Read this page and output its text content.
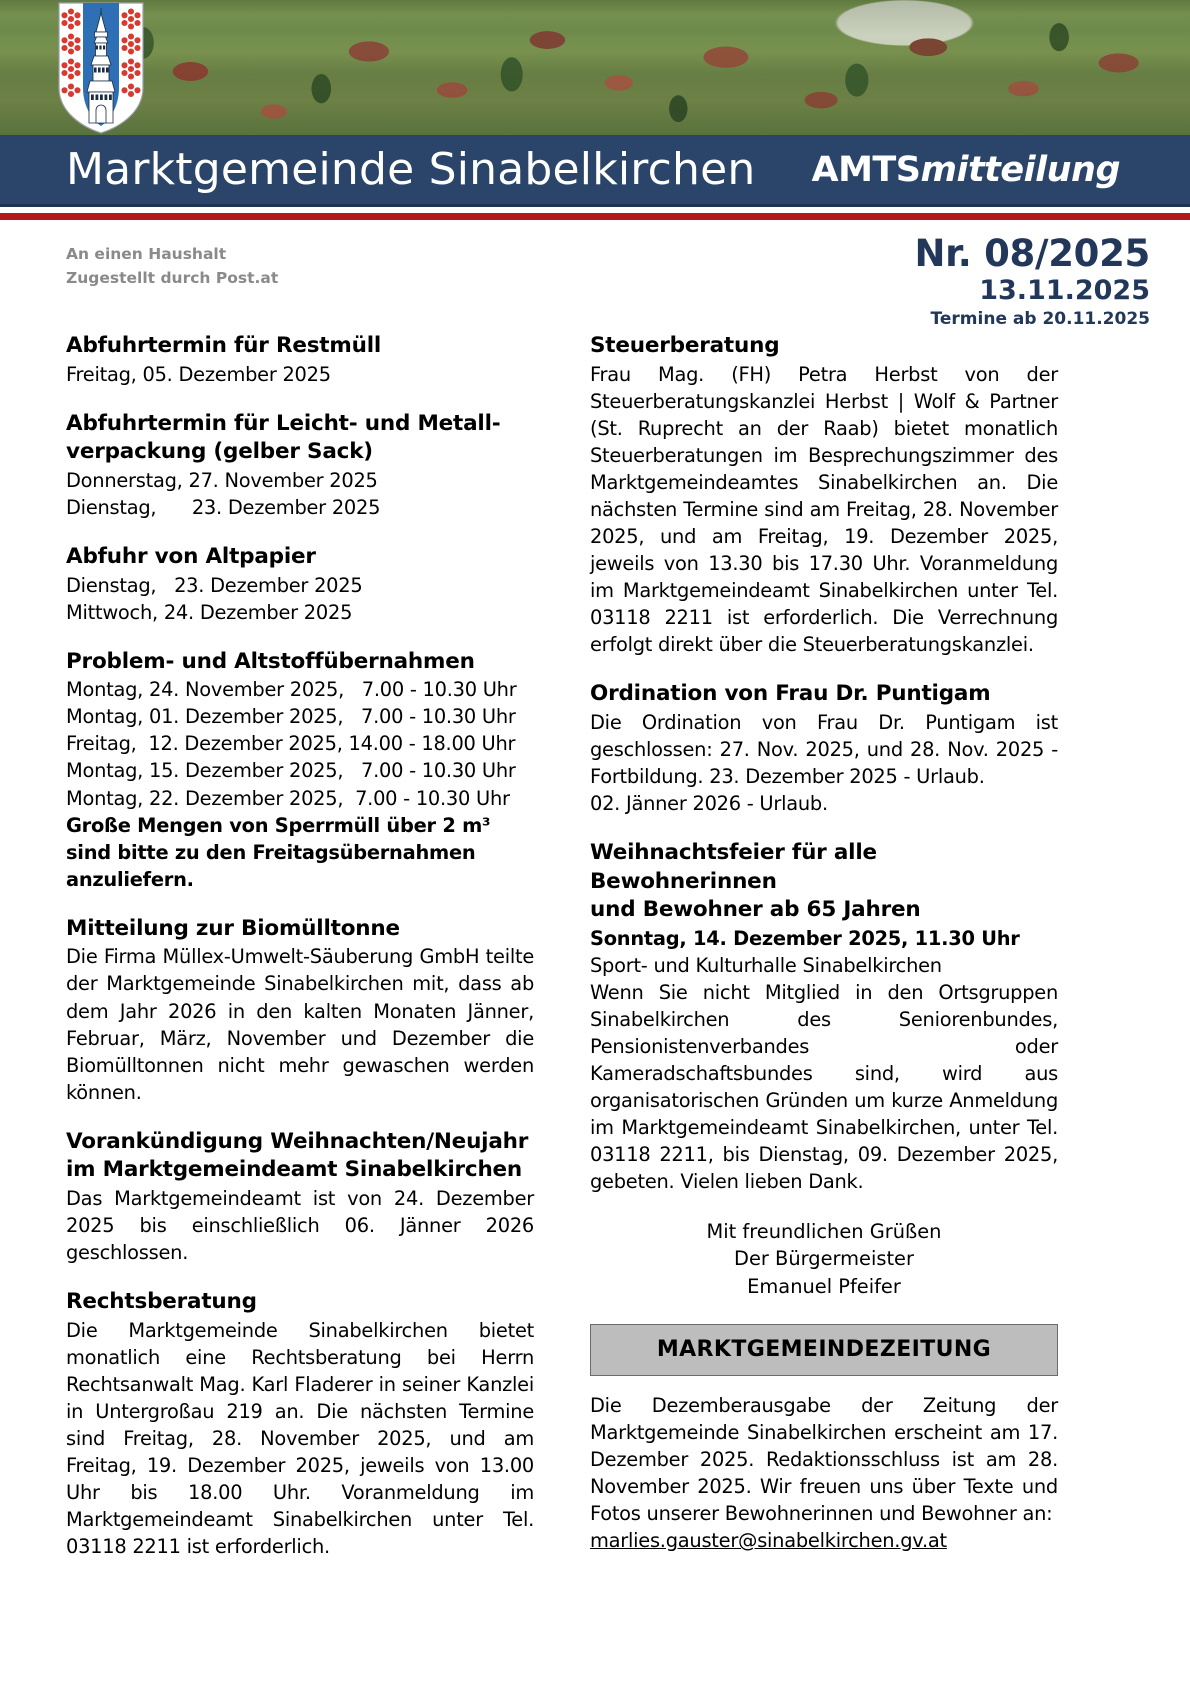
Marktgemeinde Sinabelkirchen AMTSmitteilung
An einen Haushalt
Zugestellt durch Post.at
Nr. 08/2025
13.11.2025
Termine ab 20.11.2025
Abfuhrtermin für Restmüll
Freitag, 05. Dezember 2025
Abfuhrtermin für Leicht- und Metall-
verpackung (gelber Sack)
Donnerstag, 27. November 2025
Dienstag,      23. Dezember 2025
Abfuhr von Altpapier
Dienstag,   23. Dezember 2025
Mittwoch, 24. Dezember 2025
Problem- und Altstoffübernahmen
Montag, 24. November 2025,   7.00 - 10.30 Uhr
Montag, 01. Dezember 2025,   7.00 - 10.30 Uhr
Freitag,  12. Dezember 2025, 14.00 - 18.00 Uhr
Montag, 15. Dezember 2025,   7.00 - 10.30 Uhr
Montag, 22. Dezember 2025,  7.00 - 10.30 Uhr

Große Mengen von Sperrmüll über 2 m³ sind bitte zu den Freitagsübernahmen anzuliefern.

Mitteilung zur Biomülltonne

Die Firma Müllex-Umwelt-Säuberung GmbH teilte der Marktgemeinde Sinabelkirchen mit, dass ab dem Jahr 2026 in den kalten Monaten Jänner, Februar, März, November und Dezember die Biomülltonnen nicht mehr gewaschen werden können.

Vorankündigung Weihnachten/Neujahr
im Marktgemeindeamt Sinabelkirchen

Das Marktgemeindeamt ist von 24. Dezember 2025 bis einschließlich 06. Jänner 2026 geschlossen.

Rechtsberatung

Die Marktgemeinde Sinabelkirchen bietet monatlich eine Rechtsberatung bei Herrn Rechtsanwalt Mag. Karl Fladerer in seiner Kanzlei in Untergroßau 219 an. Die nächsten Termine sind Freitag, 28. November 2025, und am Freitag, 19. Dezember 2025, jeweils von 13.00 Uhr bis 18.00 Uhr. Voranmeldung im Marktgemeindeamt Sinabelkirchen unter Tel. 03118 2211 ist erforderlich.

Steuerberatung

Frau Mag. (FH) Petra Herbst von der Steuerberatungskanzlei Herbst | Wolf & Partner (St. Ruprecht an der Raab) bietet monatlich Steuerberatungen im Besprechungszimmer des Marktgemeindeamtes Sinabelkirchen an. Die nächsten Termine sind am Freitag, 28. November 2025, und am Freitag, 19. Dezember 2025, jeweils von 13.30 bis 17.30 Uhr. Voranmeldung im Marktgemeindeamt Sinabelkirchen unter Tel. 03118 2211 ist erforderlich. Die Verrechnung erfolgt direkt über die Steuerberatungskanzlei.

Ordination von Frau Dr. Puntigam

Die Ordination von Frau Dr. Puntigam ist geschlossen: 27. Nov. 2025, und 28. Nov. 2025 - Fortbildung. 23. Dezember 2025 - Urlaub.

02. Jänner 2026 - Urlaub.

Weihnachtsfeier für alle Bewohnerinnen
und Bewohner ab 65 Jahren

Sonntag, 14. Dezember 2025, 11.30 Uhr

Sport- und Kulturhalle Sinabelkirchen

Wenn Sie nicht Mitglied in den Ortsgruppen Sinabelkirchen des Seniorenbundes, Pensionistenverbandes oder Kameradschaftsbundes sind, wird aus organisatorischen Gründen um kurze Anmeldung im Marktgemeindeamt Sinabelkirchen, unter Tel. 03118 2211, bis Dienstag, 09. Dezember 2025, gebeten. Vielen lieben Dank.

Mit freundlichen Grüßen
Der Bürgermeister
Emanuel Pfeifer
MARKTGEMEINDEZEITUNG

Die Dezemberausgabe der Zeitung der Marktgemeinde Sinabelkirchen erscheint am 17. Dezember 2025. Redaktionsschluss ist am 28. November 2025. Wir freuen uns über Texte und Fotos unserer Bewohnerinnen und Bewohner an:

marlies.gauster@sinabelkirchen.gv.at
